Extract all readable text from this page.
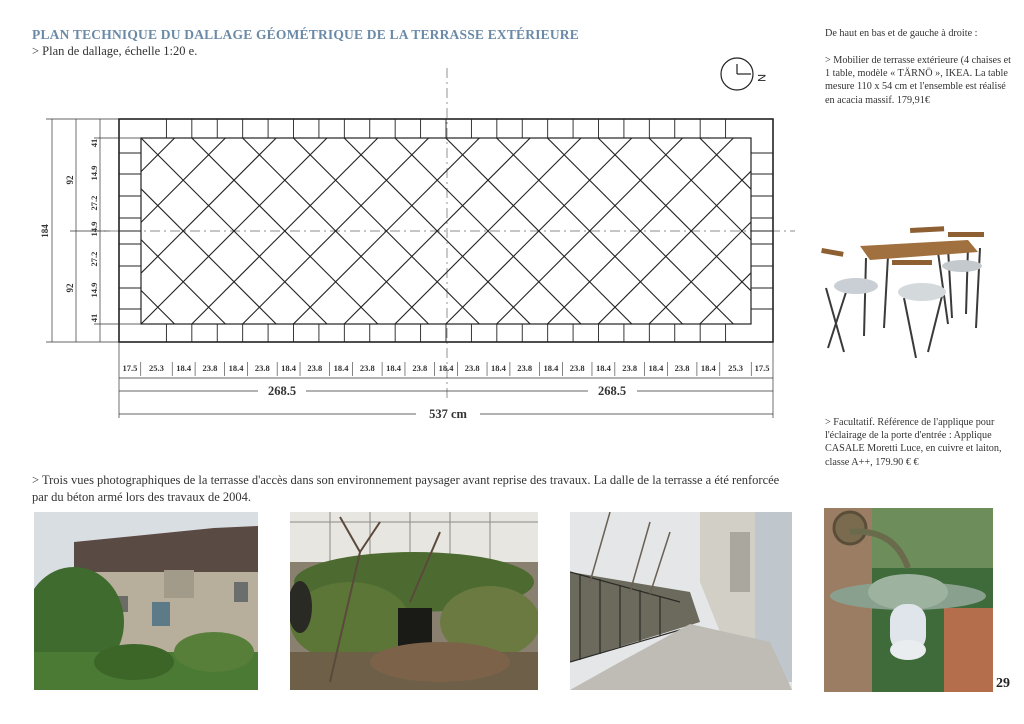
PLAN TECHNIQUE DU DALLAGE GÉOMÉTRIQUE DE LA TERRASSE EXTÉRIEURE
> Plan de dallage, échelle 1:20 e.
N
184
92
92
41
14.9
27.2
14.9
27.2
14.9
41
17.5 25.3 18.4 23.8 18.4 23.8 18.4 23.8 18.4 23.8 18.4 23.8 18.4 23.8 18.4 23.8 18.4 23.8 18.4 23.8 18.4 23.8 18.4 25.3 17.5
268.5	268.5
537 cm
De haut en bas et de gauche à droite :
> Mobilier de terrasse extérieure (4 chaises et 1 table, modèle « TÄRNÖ », IKEA. La table mesure 110 x 54 cm et l'ensemble est réalisé en acacia massif. 179,91€
> Facultatif. Référence de l'applique pour l'éclairage de la porte d'entrée : Applique CASALE Moretti Luce, en cuivre et laiton, classe A++, 179.90 € €
> Trois vues photographiques de la terrasse d'accès dans son environnement paysager avant reprise des travaux. La dalle de la terrasse a été renforcée par du béton armé lors des travaux de 2004.
29
